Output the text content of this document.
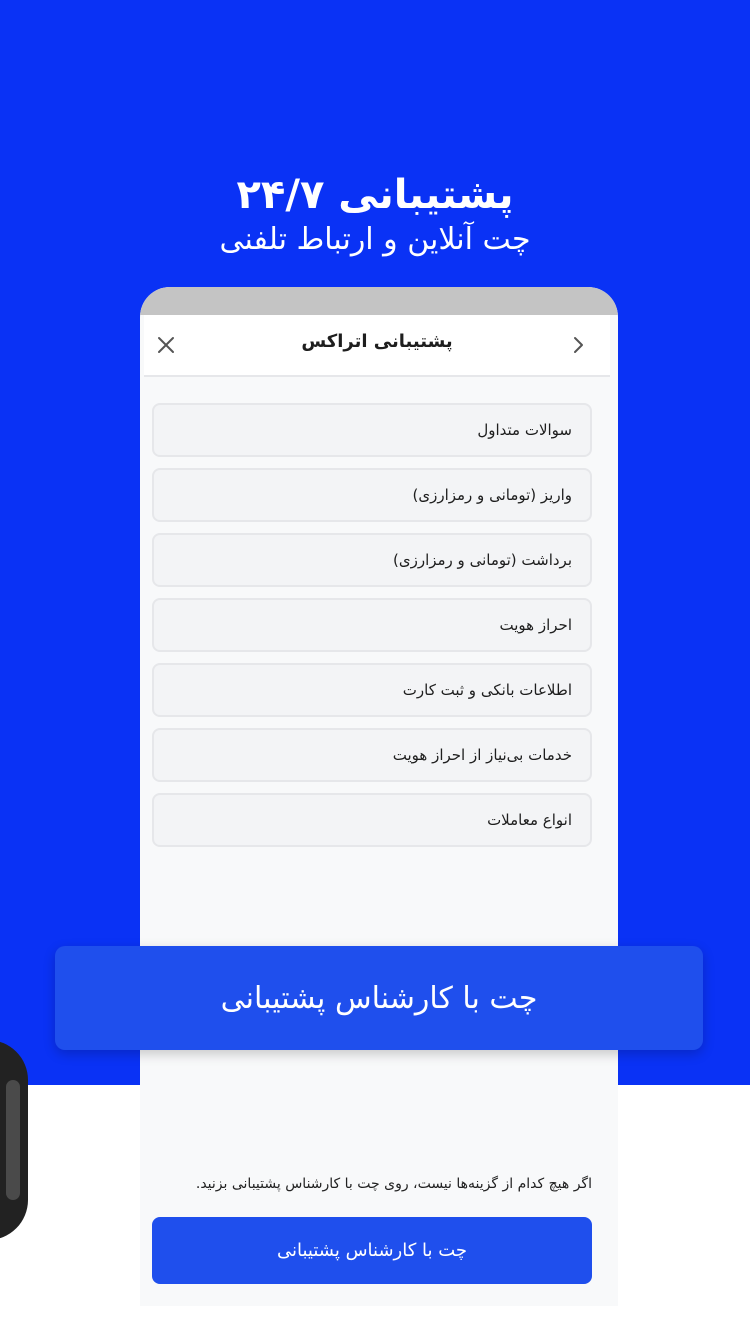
پشتیبانی ۲۴/۷
چت آنلاین و ارتباط تلفنی
پشتیبانی اتراکس
سوالات متداول
واریز (تومانی و رمزارزی)
برداشت (تومانی و رمزارزی)
احراز هویت
اطلاعات بانکی و ثبت کارت
خدمات بی‌نیاز از احراز هویت
انواع معاملات
چت با کارشناس پشتیبانی
اگر هیچ کدام از گزینه‌ها نیست، روی چت با کارشناس پشتیبانی بزنید.
چت با کارشناس پشتیبانی
